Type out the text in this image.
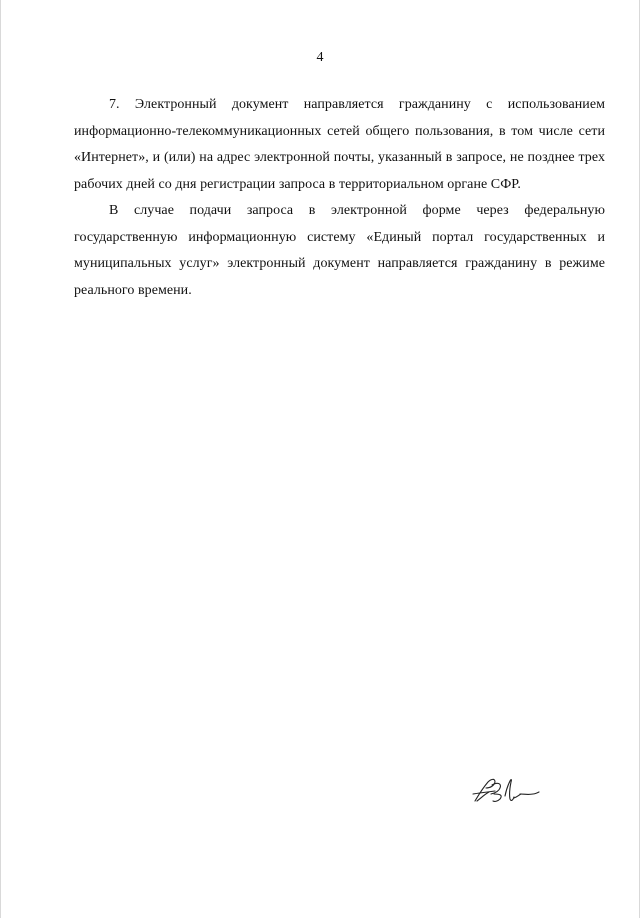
4

7. Электронный документ направляется гражданину с использованием информационно-телекоммуникационных сетей общего пользования, в том числе сети «Интернет», и (или) на адрес электронной почты, указанный в запросе, не позднее трех рабочих дней со дня регистрации запроса в территориальном органе СФР.

В случае подачи запроса в электронной форме через федеральную государственную информационную систему «Единый портал государственных и муниципальных услуг» электронный документ направляется гражданину в режиме реального времени.
